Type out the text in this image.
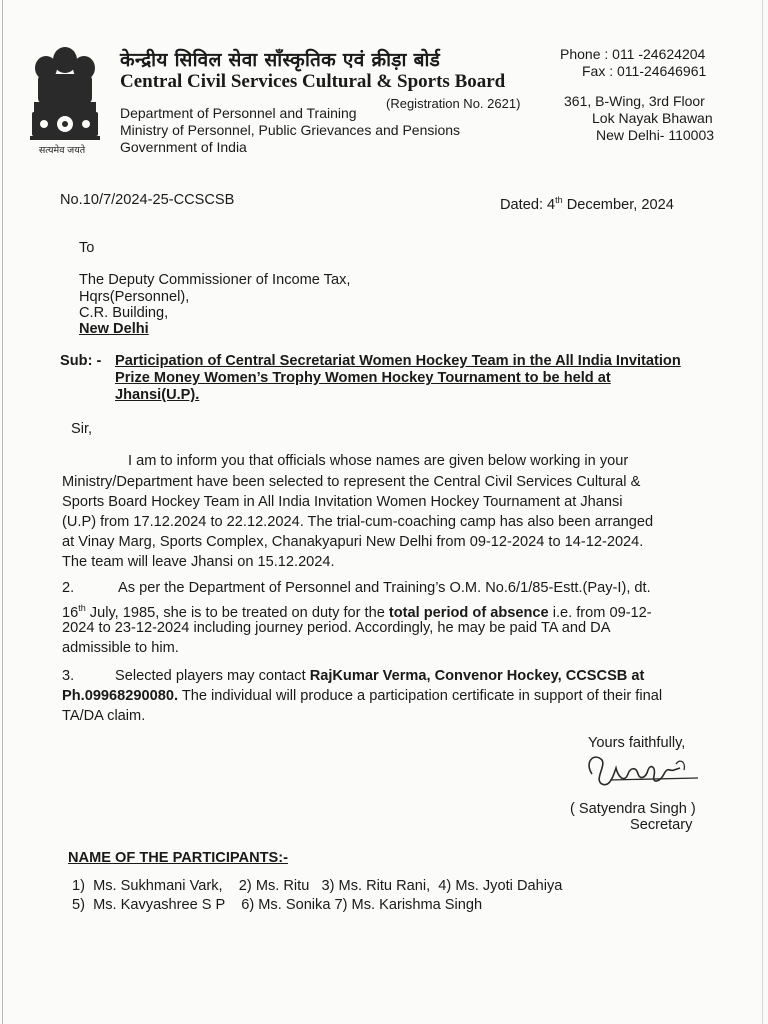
सत्यमेव जयते
केन्द्रीय सिविल सेवा सॉंस्कृतिक एवं क्रीड़ा बोर्ड
Central Civil Services Cultural & Sports Board
(Registration No. 2621)
Department of Personnel and Training
Ministry of Personnel, Public Grievances and Pensions
Government of India
Phone : 011 -24624204
Fax : 011-24646961
361, B-Wing, 3rd Floor
Lok Nayak Bhawan
New Delhi- 110003
No.10/7/2024-25-CCSCSB	Dated: 4th December, 2024
To
The Deputy Commissioner of Income Tax,
Hqrs(Personnel),
C.R. Building,
New Delhi
Sub: - Participation of Central Secretariat Women Hockey Team in the All India Invitation
Prize Money Women’s Trophy Women Hockey Tournament to be held at
Jhansi(U.P).
Sir,
I am to inform you that officials whose names are given below working in your
Ministry/Department have been selected to represent the Central Civil Services Cultural &
Sports Board Hockey Team in All India Invitation Women Hockey Tournament at Jhansi
(U.P) from 17.12.2024 to 22.12.2024. The trial-cum-coaching camp has also been arranged
at Vinay Marg, Sports Complex, Chanakyapuri New Delhi from 09-12-2024 to 14-12-2024.
The team will leave Jhansi on 15.12.2024.
2.	As per the Department of Personnel and Training’s O.M. No.6/1/85-Estt.(Pay-I), dt.
16th July, 1985, she is to be treated on duty for the total period of absence i.e. from 09-12-
2024 to 23-12-2024 including journey period. Accordingly, he may be paid TA and DA
admissible to him.
3.	Selected players may contact RajKumar Verma, Convenor Hockey, CCSCSB at
Ph.09968290080. The individual will produce a participation certificate in support of their final
TA/DA claim.
Yours faithfully,
( Satyendra Singh )
Secretary
NAME OF THE PARTICIPANTS:-
1)  Ms. Sukhmani Vark,    2) Ms. Ritu   3) Ms. Ritu Rani,  4) Ms. Jyoti Dahiya
5)  Ms. Kavyashree S P    6) Ms. Sonika 7) Ms. Karishma Singh
